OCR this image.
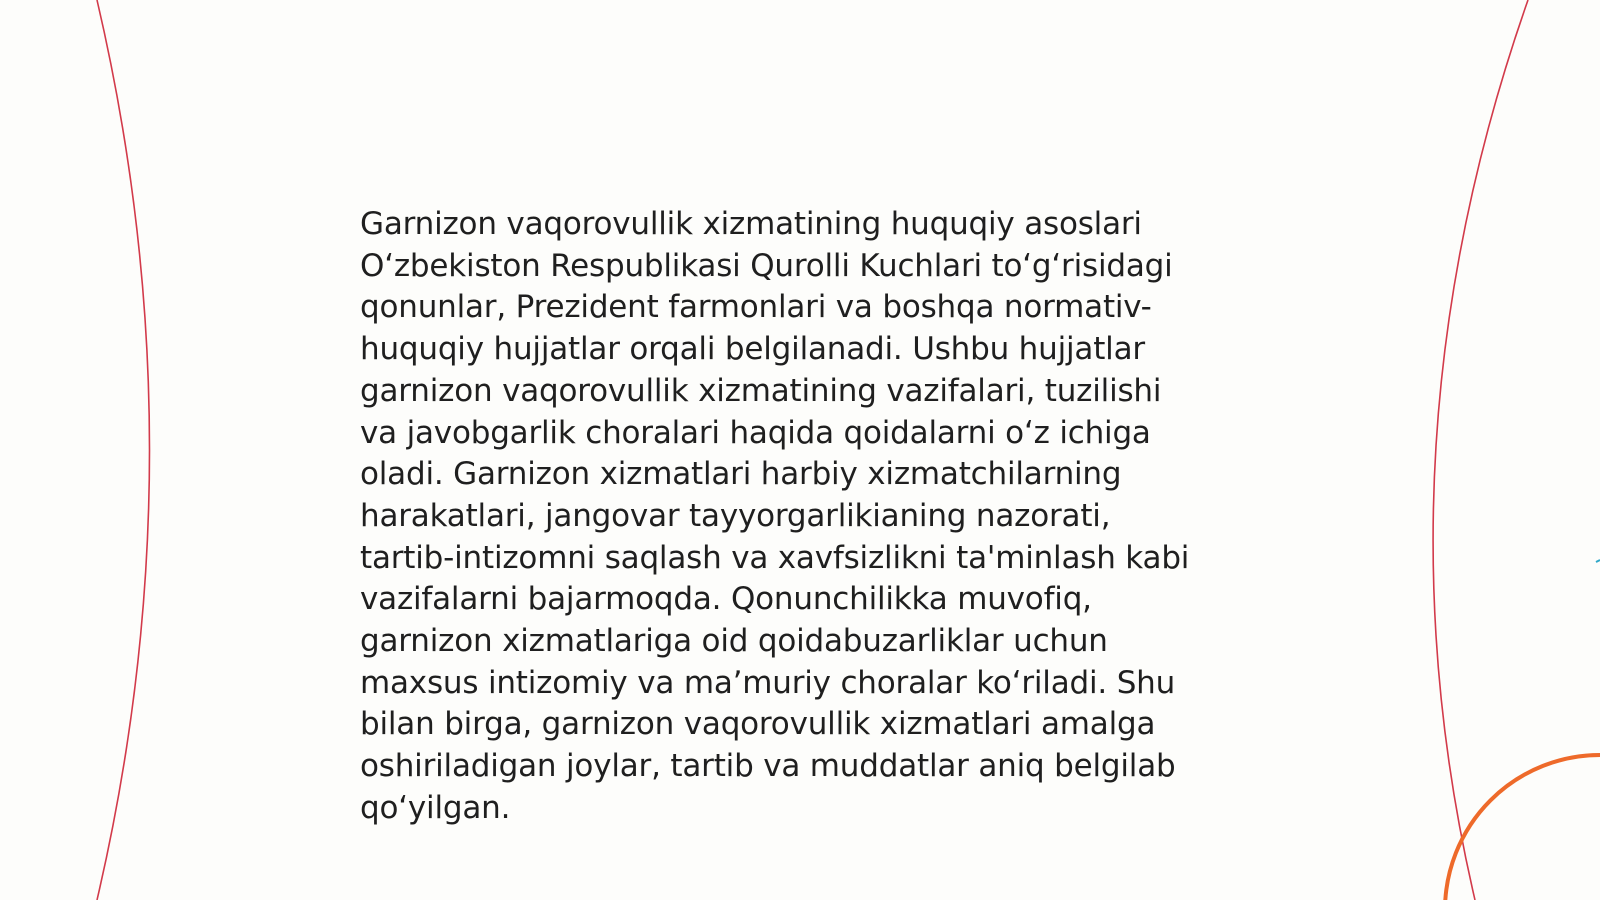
Garnizon vaqorovullik xizmatining huquqiy asoslari
O‘zbekiston Respublikasi Qurolli Kuchlari to‘g‘risidagi
qonunlar, Prezident farmonlari va boshqa normativ-
huquqiy hujjatlar orqali belgilanadi. Ushbu hujjatlar
garnizon vaqorovullik xizmatining vazifalari, tuzilishi
va javobgarlik choralari haqida qoidalarni o‘z ichiga
oladi. Garnizon xizmatlari harbiy xizmatchilarning
harakatlari, jangovar tayyorgarlikianing nazorati,
tartib-intizomni saqlash va xavfsizlikni ta'minlash kabi
vazifalarni bajarmoqda. Qonunchilikka muvofiq,
garnizon xizmatlariga oid qoidabuzarliklar uchun
maxsus intizomiy va ma’muriy choralar ko‘riladi. Shu
bilan birga, garnizon vaqorovullik xizmatlari amalga
oshiriladigan joylar, tartib va muddatlar aniq belgilab
qo‘yilgan.
